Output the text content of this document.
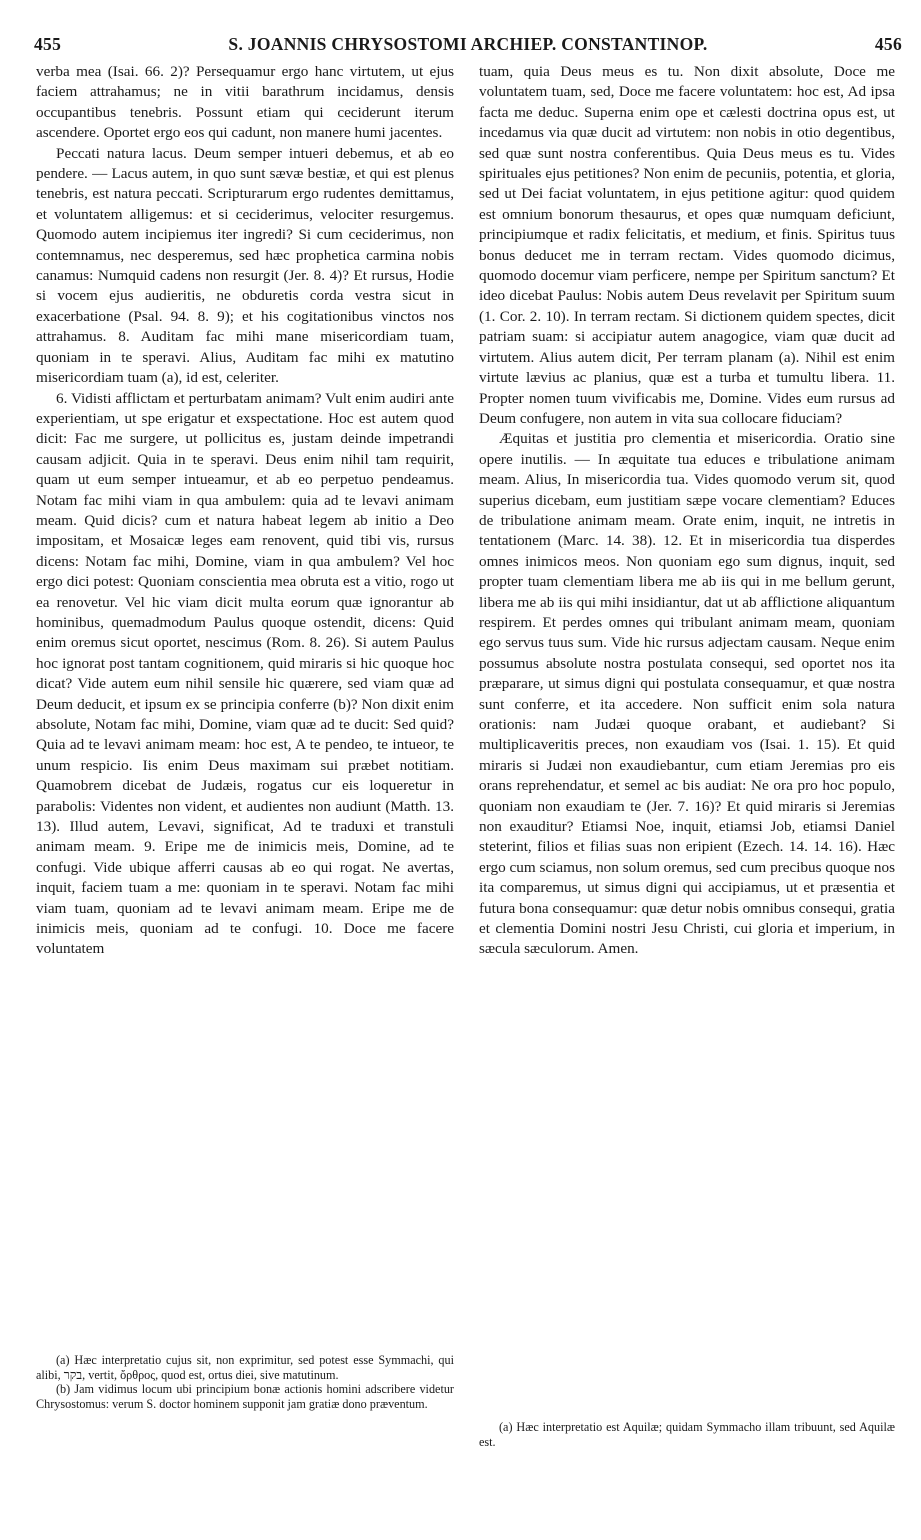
455	S. JOANNIS CHRYSOSTOMI ARCHIEP. CONSTANTINOP.	456

verba mea (Isai. 66. 2)? Persequamur ergo hanc virtutem, ut ejus faciem attrahamus; ne in vitii barathrum incidamus, densis occupantibus tenebris. Possunt etiam qui ceciderunt iterum ascendere. Oportet ergo eos qui cadunt, non manere humi jacentes.

Peccati natura lacus. Deum semper intueri debemus, et ab eo pendere. — Lacus autem, in quo sunt sævæ bestiæ, et qui est plenus tenebris, est natura peccati. Scripturarum ergo rudentes demittamus, et voluntatem alligemus: et si ceciderimus, velociter resurgemus. Quomodo autem incipiemus iter ingredi? Si cum ceciderimus, non contemnamus, nec desperemus, sed hæc prophetica carmina nobis canamus: Numquid cadens non resurgit (Jer. 8. 4)? Et rursus, Hodie si vocem ejus audieritis, ne obduretis corda vestra sicut in exacerbatione (Psal. 94. 8. 9); et his cogitationibus vinctos nos attrahamus. 8. Auditam fac mihi mane misericordiam tuam, quoniam in te speravi. Alius, Auditam fac mihi ex matutino misericordiam tuam (a), id est, celeriter.

6. Vidisti afflictam et perturbatam animam? Vult enim audiri ante experientiam, ut spe erigatur et exspectatione. Hoc est autem quod dicit: Fac me surgere, ut pollicitus es, justam deinde impetrandi causam adjicit. Quia in te speravi. Deus enim nihil tam requirit, quam ut eum semper intueamur, et ab eo perpetuo pendeamus. Notam fac mihi viam in qua ambulem: quia ad te levavi animam meam. Quid dicis? cum et natura habeat legem ab initio a Deo impositam, et Mosaicæ leges eam renovent, quid tibi vis, rursus dicens: Notam fac mihi, Domine, viam in qua ambulem? Vel hoc ergo dici potest: Quoniam conscientia mea obruta est a vitio, rogo ut ea renovetur. Vel hic viam dicit multa eorum quæ ignorantur ab hominibus, quemadmodum Paulus quoque ostendit, dicens: Quid enim oremus sicut oportet, nescimus (Rom. 8. 26). Si autem Paulus hoc ignorat post tantam cognitionem, quid miraris si hic quoque hoc dicat? Vide autem eum nihil sensile hic quærere, sed viam quæ ad Deum deducit, et ipsum ex se principia conferre (b)? Non dixit enim absolute, Notam fac mihi, Domine, viam quæ ad te ducit: Sed quid? Quia ad te levavi animam meam: hoc est, A te pendeo, te intueor, te unum respicio. Iis enim Deus maximam sui præbet notitiam. Quamobrem dicebat de Judæis, rogatus cur eis loqueretur in parabolis: Videntes non vident, et audientes non audiunt (Matth. 13. 13). Illud autem, Levavi, significat, Ad te traduxi et transtuli animam meam. 9. Eripe me de inimicis meis, Domine, ad te confugi. Vide ubique afferri causas ab eo qui rogat. Ne avertas, inquit, faciem tuam a me: quoniam in te speravi. Notam fac mihi viam tuam, quoniam ad te levavi animam meam. Eripe me de inimicis meis, quoniam ad te confugi. 10. Doce me facere voluntatem

tuam, quia Deus meus es tu. Non dixit absolute, Doce me voluntatem tuam, sed, Doce me facere voluntatem: hoc est, Ad ipsa facta me deduc. Superna enim ope et cælesti doctrina opus est, ut incedamus via quæ ducit ad virtutem: non nobis in otio degentibus, sed quæ sunt nostra conferentibus. Quia Deus meus es tu. Vides spirituales ejus petitiones? Non enim de pecuniis, potentia, et gloria, sed ut Dei faciat voluntatem, in ejus petitione agitur: quod quidem est omnium bonorum thesaurus, et opes quæ numquam deficiunt, principiumque et radix felicitatis, et medium, et finis. Spiritus tuus bonus deducet me in terram rectam. Vides quomodo dicimus, quomodo docemur viam perficere, nempe per Spiritum sanctum? Et ideo dicebat Paulus: Nobis autem Deus revelavit per Spiritum suum (1. Cor. 2. 10). In terram rectam. Si dictionem quidem spectes, dicit patriam suam: si accipiatur autem anagogice, viam quæ ducit ad virtutem. Alius autem dicit, Per terram planam (a). Nihil est enim virtute lævius ac planius, quæ est a turba et tumultu libera. 11. Propter nomen tuum vivificabis me, Domine. Vides eum rursus ad Deum confugere, non autem in vita sua collocare fiduciam?

Æquitas et justitia pro clementia et misericordia. Oratio sine opere inutilis. — In æquitate tua educes e tribulatione animam meam. Alius, In misericordia tua. Vides quomodo verum sit, quod superius dicebam, eum justitiam sæpe vocare clementiam? Educes de tribulatione animam meam. Orate enim, inquit, ne intretis in tentationem (Marc. 14. 38). 12. Et in misericordia tua disperdes omnes inimicos meos. Non quoniam ego sum dignus, inquit, sed propter tuam clementiam libera me ab iis qui in me bellum gerunt, libera me ab iis qui mihi insidiantur, dat ut ab afflictione aliquantum respirem. Et perdes omnes qui tribulant animam meam, quoniam ego servus tuus sum. Vide hic rursus adjectam causam. Neque enim possumus absolute nostra postulata consequi, sed oportet nos ita præparare, ut simus digni qui postulata consequamur, et quæ nostra sunt conferre, et ita accedere. Non sufficit enim sola natura orationis: nam Judæi quoque orabant, et audiebant? Si multiplicaveritis preces, non exaudiam vos (Isai. 1. 15). Et quid miraris si Judæi non exaudiebantur, cum etiam Jeremias pro eis orans reprehendatur, et semel ac bis audiat: Ne ora pro hoc populo, quoniam non exaudiam te (Jer. 7. 16)? Et quid miraris si Jeremias non exauditur? Etiamsi Noe, inquit, etiamsi Job, etiamsi Daniel steterint, filios et filias suas non eripient (Ezech. 14. 14. 16). Hæc ergo cum sciamus, non solum oremus, sed cum precibus quoque nos ita comparemus, ut simus digni qui accipiamus, ut et præsentia et futura bona consequamur: quæ detur nobis omnibus consequi, gratia et clementia Domini nostri Jesu Christi, cui gloria et imperium, in sæcula sæculorum. Amen.

(a) Hæc interpretatio cujus sit, non exprimitur, sed potest esse Symmachi, qui alibi, בקר, vertit, ὄρθρος, quod est, ortus diei, sive matutinum.

(b) Jam vidimus locum ubi principium bonæ actionis homini adscribere videtur Chrysostomus: verum S. doctor hominem supponit jam gratiæ dono præventum.

(a) Hæc interpretatio est Aquilæ; quidam Symmacho illam tribuunt, sed Aquilæ est.
